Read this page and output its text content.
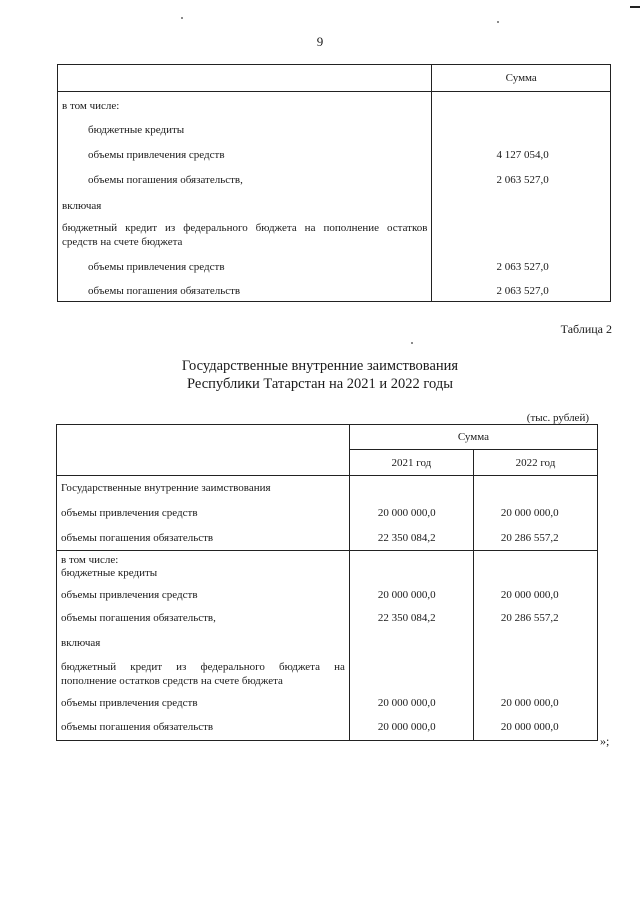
9
	Сумма
в том числе:	
бюджетные кредиты	
объемы привлечения средств	4 127 054,0
объемы погашения обязательств,	2 063 527,0
включая	
бюджетный кредит из федерального бюджета на пополнение остатков средств на счете бюджета	
объемы привлечения средств	2 063 527,0
объемы погашения обязательств	2 063 527,0
Таблица 2
Государственные внутренние заимствования
Республики Татарстан на 2021 и 2022 годы
(тыс. рублей)
	Сумма	
	2021 год	2022 год
Государственные внутренние заимствования		
объемы привлечения средств	20 000 000,0	20 000 000,0
объемы погашения обязательств	22 350 084,2	20 286 557,2

в том числе:
бюджетные кредиты		

объемы привлечения средств	20 000 000,0	20 000 000,0
объемы погашения обязательств,	22 350 084,2	20 286 557,2
включая		
бюджетный кредит из федерального бюджета на пополнение остатков средств на счете бюджета		
объемы привлечения средств	20 000 000,0	20 000 000,0
объемы погашения обязательств	20 000 000,0	20 000 000,0
»;
